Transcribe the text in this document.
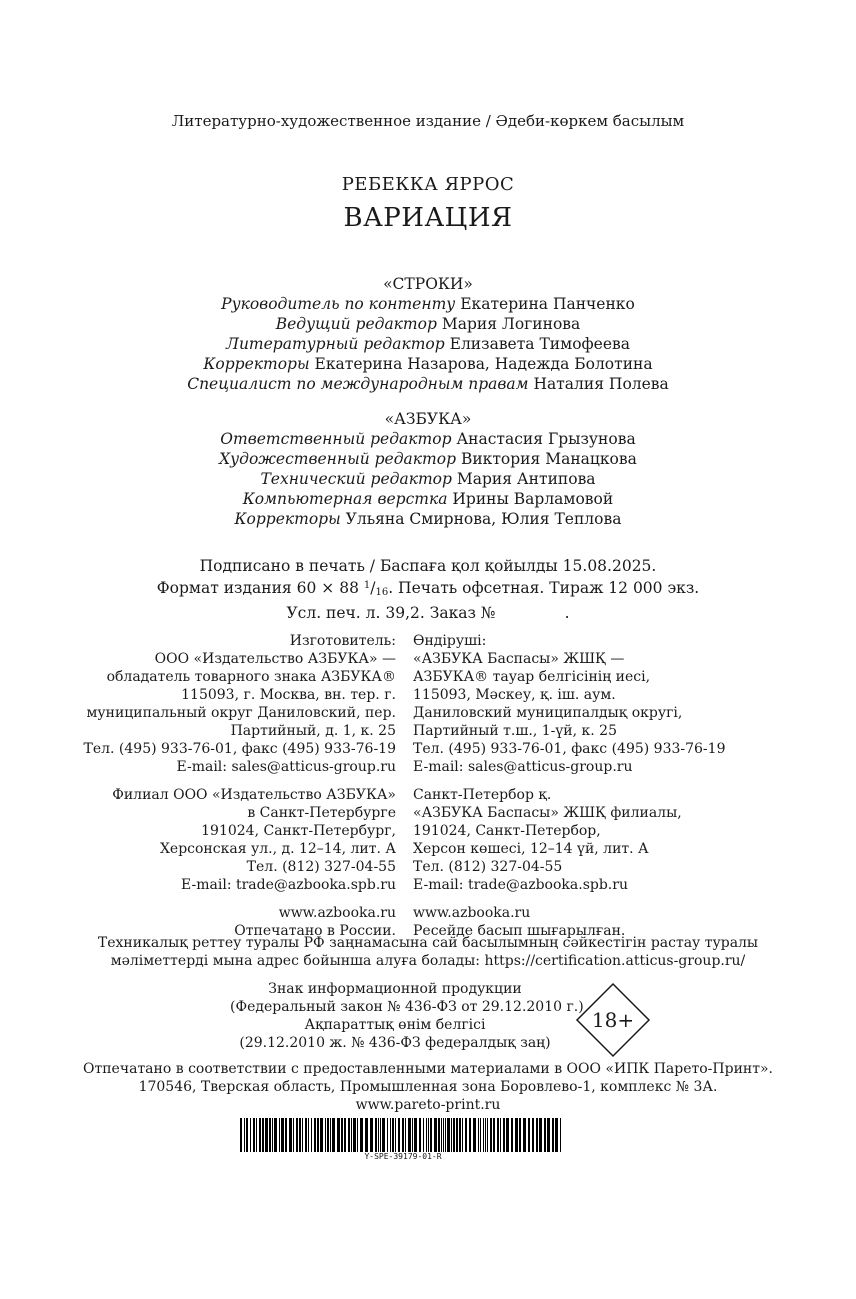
Литературно-художественное издание / Әдеби-көркем басылым
РЕБЕККА ЯРРОС
ВАРИАЦИЯ
«СТРОКИ»
Руководитель по контенту Екатерина Панченко
Ведущий редактор Мария Логинова
Литературный редактор Елизавета Тимофеева
Корректоры Екатерина Назарова, Надежда Болотина
Специалист по международным правам Наталия Полева
«АЗБУКА»
Ответственный редактор Анастасия Грызунова
Художественный редактор Виктория Манацкова
Технический редактор Мария Антипова
Компьютерная верстка Ирины Варламовой
Корректоры Ульяна Смирнова, Юлия Теплова
Подписано в печать / Баспаға қол қойылды 15.08.2025.
Формат издания 60 × 88 $^1/_{16}$. Печать офсетная. Тираж 12 000 экз.
Усл. печ. л. 39,2. Заказ №              .
Изготовитель:
ООО «Издательство АЗБУКА» —
обладатель товарного знака АЗБУКА®
115093, г. Москва, вн. тер. г.
муниципальный округ Даниловский, пер.
Партийный, д. 1, к. 25
Тел. (495) 933-76-01, факс (495) 933-76-19
E-mail: sales@atticus-group.ru
Филиал ООО «Издательство АЗБУКА»
в Санкт-Петербурге
191024, Санкт-Петербург,
Херсонская ул., д. 12–14, лит. А
Тел. (812) 327-04-55
E-mail: trade@azbooka.spb.ru
www.azbooka.ru
Отпечатано в России.
Өндіруші:
«АЗБУКА Баспасы» ЖШҚ —
АЗБУКА® тауар белгісінің иесі,
115093, Мәскеу, қ. іш. аум.
Даниловский муниципалдық округі,
Партийный т.ш., 1-үй, к. 25
Тел. (495) 933-76-01, факс (495) 933-76-19
E-mail: sales@atticus-group.ru
Санкт-Петербор қ.
«АЗБУКА Баспасы» ЖШҚ филиалы,
191024, Санкт-Петербор,
Херсон көшесі, 12–14 үй, лит. А
Тел. (812) 327-04-55
E-mail: trade@azbooka.spb.ru
www.azbooka.ru
Ресейде басып шығарылған.
Техникалық реттеу туралы РФ заңнамасына сай басылымның сәйкестігін растау туралы
мәліметтерді мына адрес бойынша алуға болады: https://certification.atticus-group.ru/
Знак информационной продукции
(Федеральный закон № 436-ФЗ от 29.12.2010 г.)
Ақпараттық өнім белгісі
(29.12.2010 ж. № 436-ФЗ федералдық заң)
18+
Отпечатано в соответствии с предоставленными материалами в ООО «ИПК Парето-Принт».
170546, Тверская область, Промышленная зона Боровлево-1, комплекс № 3А.
www.pareto-print.ru
Y-SPE-39179-01-R
